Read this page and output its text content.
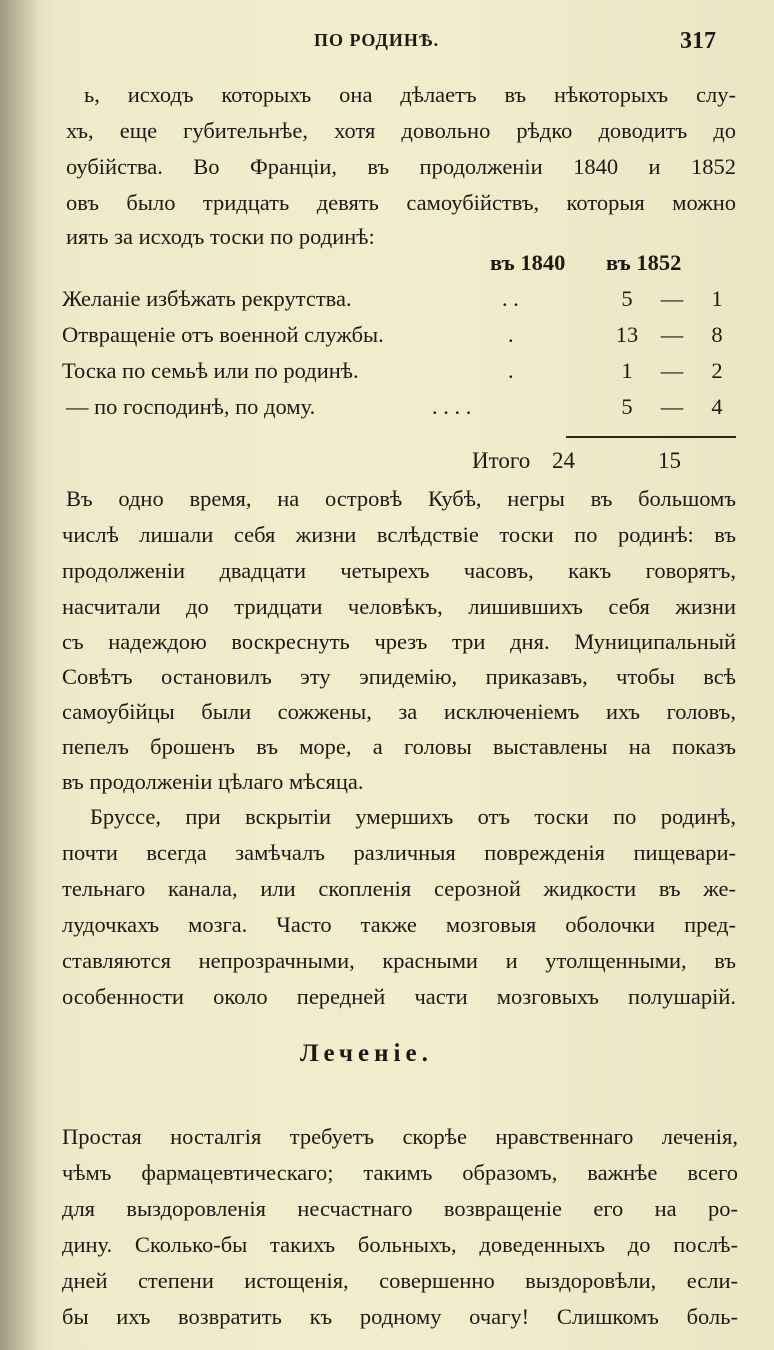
ПО РОДИНѢ.	317
ь, исходъ которыхъ она дѣлаетъ въ нѣкоторыхъ слу-
хъ, еще губительнѣе, хотя довольно рѣдко доводитъ до
оубійства. Во Франціи, въ продолженіи 1840 и 1852
овъ было тридцать девять самоубійствъ, которыя можно
иять за исходъ тоски по родинѣ:
въ 1840 въ 1852
Желаніе избѣжать рекрутства.	. .	5	—	1
Отвращеніе отъ военной службы.	.	13	—	8
Тоска по семьѣ или по родинѣ.	.	1	—	2
— по господинѣ, по дому.	. . . .	5	—	4
Итого 24	15
Въ одно время, на островѣ Кубѣ, негры въ большомъ
числѣ лишали себя жизни вслѣдствіе тоски по родинѣ: въ
продолженіи двадцати четырехъ часовъ, какъ говорятъ,
насчитали до тридцати человѣкъ, лишившихъ себя жизни
съ надеждою воскреснуть чрезъ три дня. Муниципальный
Совѣтъ остановилъ эту эпидемію, приказавъ, чтобы всѣ
самоубійцы были сожжены, за исключеніемъ ихъ головъ,
пепелъ брошенъ въ море, а головы выставлены на показъ
въ продолженіи цѣлаго мѣсяца.
Бруссе, при вскрытіи умершихъ отъ тоски по родинѣ,
почти всегда замѣчалъ различныя поврежденія пищевари-
тельнаго канала, или скопленія серозной жидкости въ же-
лудочкахъ мозга. Часто также мозговыя оболочки пред-
ставляются непрозрачными, красными и утолщенными, въ
особенности около передней части мозговыхъ полушарій.
Леченіе.
Простая носталгія требуетъ скорѣе нравственнаго леченія,
чѣмъ фармацевтическаго; такимъ образомъ, важнѣе всего
для выздоровленія несчастнаго возвращеніе его на ро-
дину. Сколько-бы такихъ больныхъ, доведенныхъ до послѣ-
дней степени истощенія, совершенно выздоровѣли, если-
бы ихъ возвратить къ родному очагу! Слишкомъ боль-
